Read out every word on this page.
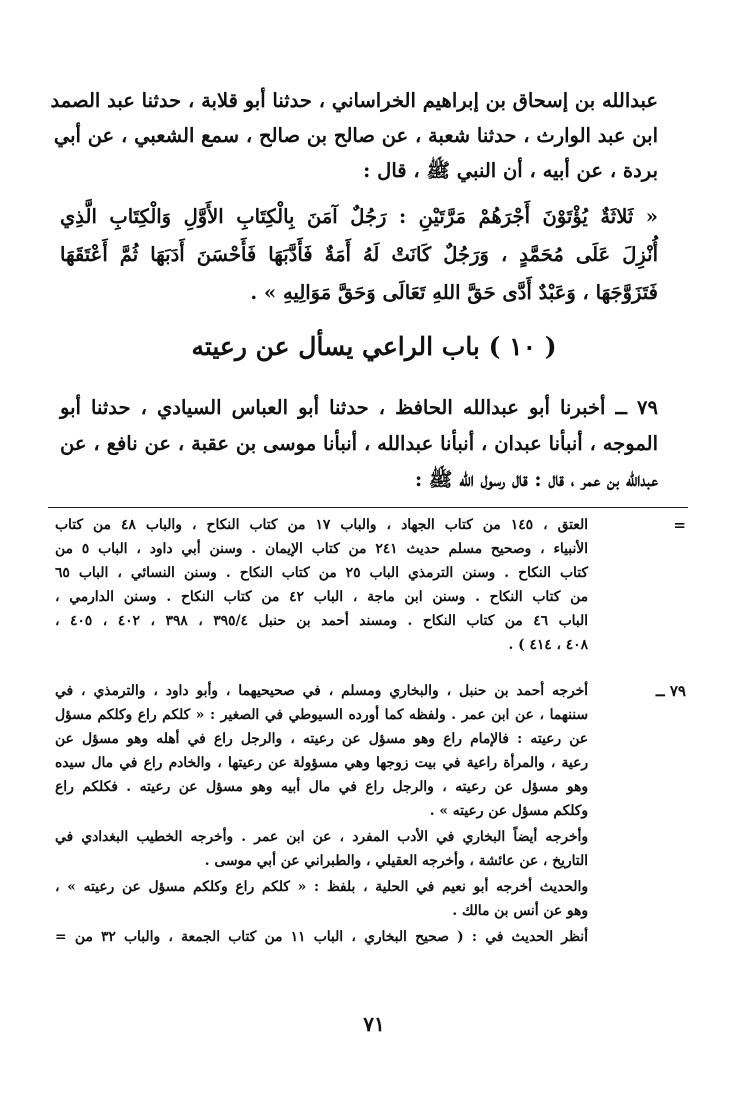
عبدالله بن إسحاق بن إبراهيم الخراساني ، حدثنا أبو قلابة ، حدثنا عبد الصمد
ابن عبد الوارث ، حدثنا شعبة ، عن صالح بن صالح ، سمع الشعبي ، عن أبي
بردة ، عن أبيه ، أن النبي ﷺ ، قال :
« ثَلاثَةٌ يُؤْتَوْنَ أَجْرَهُمْ مَرَّتَيْنِ : رَجُلٌ آمَنَ بِالْكِتَابِ الأَوَّلِ وَالْكِتَابِ الَّذِي
أُنْزِلَ عَلَى مُحَمَّدٍ ، وَرَجُلٌ كَانَتْ لَهُ أَمَةٌ فَأَدَّبَهَا فَأَحْسَنَ أَدَبَهَا ثُمَّ أَعْتَقَهَا
فَتَزَوَّجَهَا ، وَعَبْدٌ أَدَّى حَقَّ اللهِ تَعَالَى وَحَقَّ مَوَالِيهِ » .
( ١٠ ) باب الراعي يسأل عن رعيته
٧٩ ــ أخبرنا أبو عبدالله الحافظ ، حدثنا أبو العباس السيادي ، حدثنا أبو
الموجه ، أنبأنا عبدان ، أنبأنا عبدالله ، أنبأنا موسى بن عقبة ، عن نافع ، عن
عبدالله بن عمر ، قال : قال رسول الله ﷺ :
=
العتق ، ١٤٥ من كتاب الجهاد ، والباب ١٧ من كتاب النكاح ، والباب ٤٨ من كتاب
الأنبياء ، وصحيح مسلم حديث ٢٤١ من كتاب الإيمان . وسنن أبي داود ، الباب ٥ من
كتاب النكاح . وسنن الترمذي الباب ٢٥ من كتاب النكاح . وسنن النسائي ، الباب ٦٥
من كتاب النكاح . وسنن ابن ماجة ، الباب ٤٢ من كتاب النكاح . وسنن الدارمي ،
الباب ٤٦ من كتاب النكاح . ومسند أحمد بن حنبل ٣٩٥/٤ ، ٣٩٨ ، ٤٠٢ ، ٤٠٥ ،
٤٠٨ ، ٤١٤ ) .
٧٩ ــ
أخرجه أحمد بن حنبل ، والبخاري ومسلم ، في صحيحيهما ، وأبو داود ، والترمذي ، في
سننهما ، عن ابن عمر . ولفظه كما أورده السيوطي في الصغير : « كلكم راع وكلكم مسؤل
عن رعيته : فالإمام راع وهو مسؤل عن رعيته ، والرجل راع في أهله وهو مسؤل عن
رعية ، والمرأة راعية في بيت زوجها وهي مسؤولة عن رعيتها ، والخادم راع في مال سيده
وهو مسؤل عن رعيته ، والرجل راع في مال أبيه وهو مسؤل عن رعيته . فكلكم راع
وكلكم مسؤل عن رعيته » .
وأخرجه أيضاً البخاري في الأدب المفرد ، عن ابن عمر . وأخرجه الخطيب البغدادي في
التاريخ ، عن عائشة ، وأخرجه العقيلي ، والطبراني عن أبي موسى .
والحديث أخرجه أبو نعيم في الحلية ، بلفظ : « كلكم راع وكلكم مسؤل عن رعيته » ،
وهو عن أنس بن مالك .
أنظر الحديث في : ( صحيح البخاري ، الباب ١١ من كتاب الجمعة ، والباب ٣٢ من =
٧١
